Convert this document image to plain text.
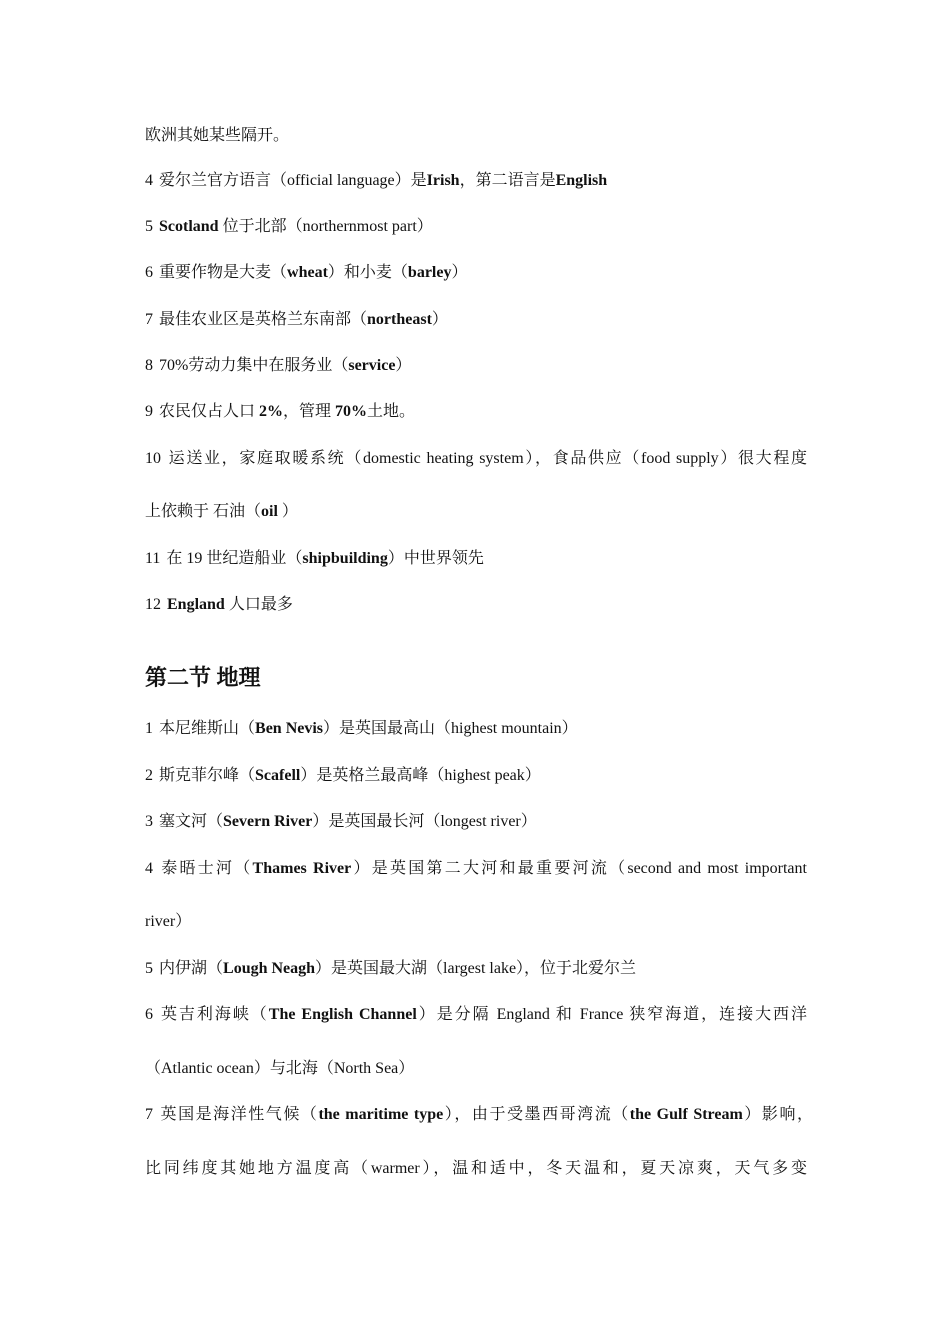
欧洲其她某些隔开。
4 爱尔兰官方语言（official language）是Irish，第二语言是English
5 Scotland 位于北部（northernmost part）
6 重要作物是大麦（wheat）和小麦（barley）
7 最佳农业区是英格兰东南部（northeast）
8 70%劳动力集中在服务业（service）
9 农民仅占人口 2%，管理 70%土地。
10 运送业，家庭取暖系统（domestic heating system），食品供应（food supply）很大程度
上依赖于 石油（oil ）
11 在 19 世纪造船业（shipbuilding）中世界领先
12 England 人口最多
第二节 地理
1 本尼维斯山（Ben Nevis）是英国最高山（highest mountain）
2 斯克菲尔峰（Scafell）是英格兰最高峰（highest peak）
3 塞文河（Severn River）是英国最长河（longest river）
4 泰晤士河（Thames River）是英国第二大河和最重要河流（second and most important
river）
5 内伊湖（Lough Neagh）是英国最大湖（largest lake），位于北爱尔兰
6 英吉利海峡（The English Channel）是分隔 England 和 France 狭窄海道，连接大西洋
（Atlantic ocean）与北海（North Sea）
7 英国是海洋性气候（the maritime type），由于受墨西哥湾流（the Gulf Stream）影响，
比同纬度其她地方温度高（warmer），温和适中，冬天温和，夏天凉爽，天气多变
